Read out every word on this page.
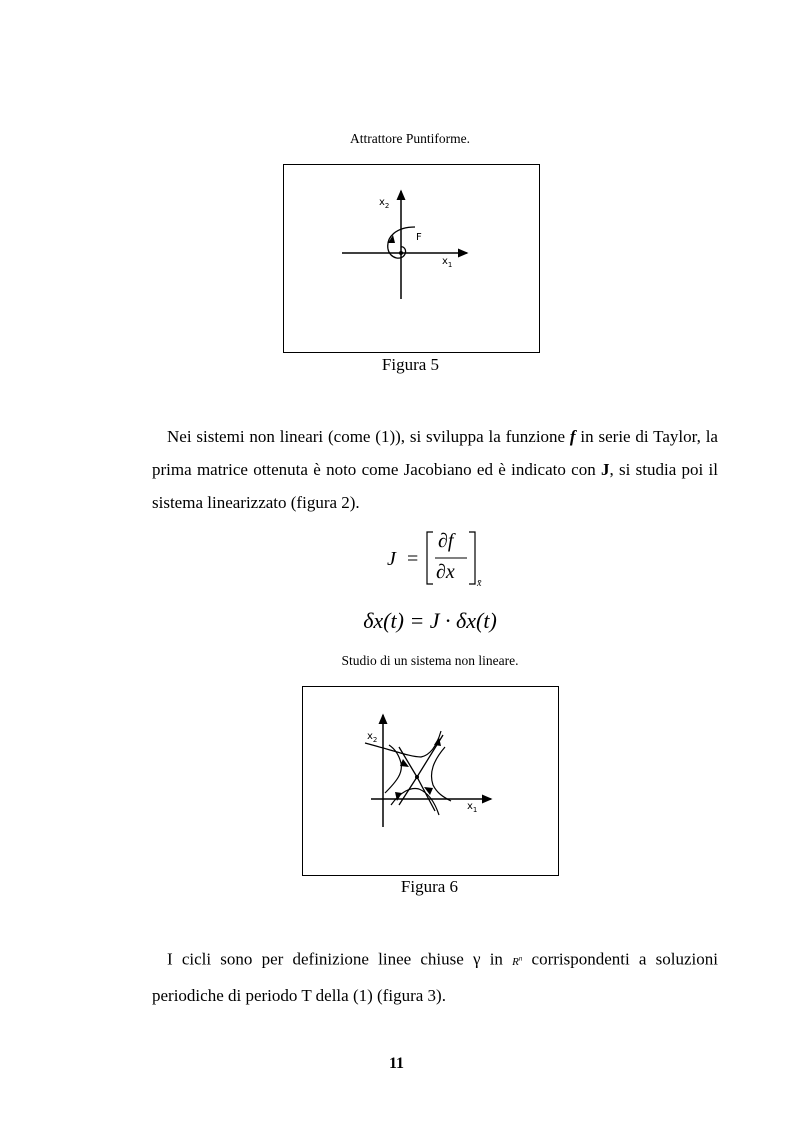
Attrattore Puntiforme.
$x_2$
$x_1$
F
Figura 5

Nei sistemi non lineari (come (1)), si sviluppa la funzione f in serie di Taylor, la prima matrice ottenuta è noto come Jacobiano ed è indicato con J, si studia poi il sistema linearizzato (figura 2).

J =
∂f
∂x
x̄
δx(t) = J · δx(t)
Studio di un sistema non lineare.
$x_2$
$x_1$
Figura 6

I cicli sono per definizione linee chiuse γ in $R^n$ corrispondenti a soluzioni periodiche di periodo T della (1) (figura 3).

11
